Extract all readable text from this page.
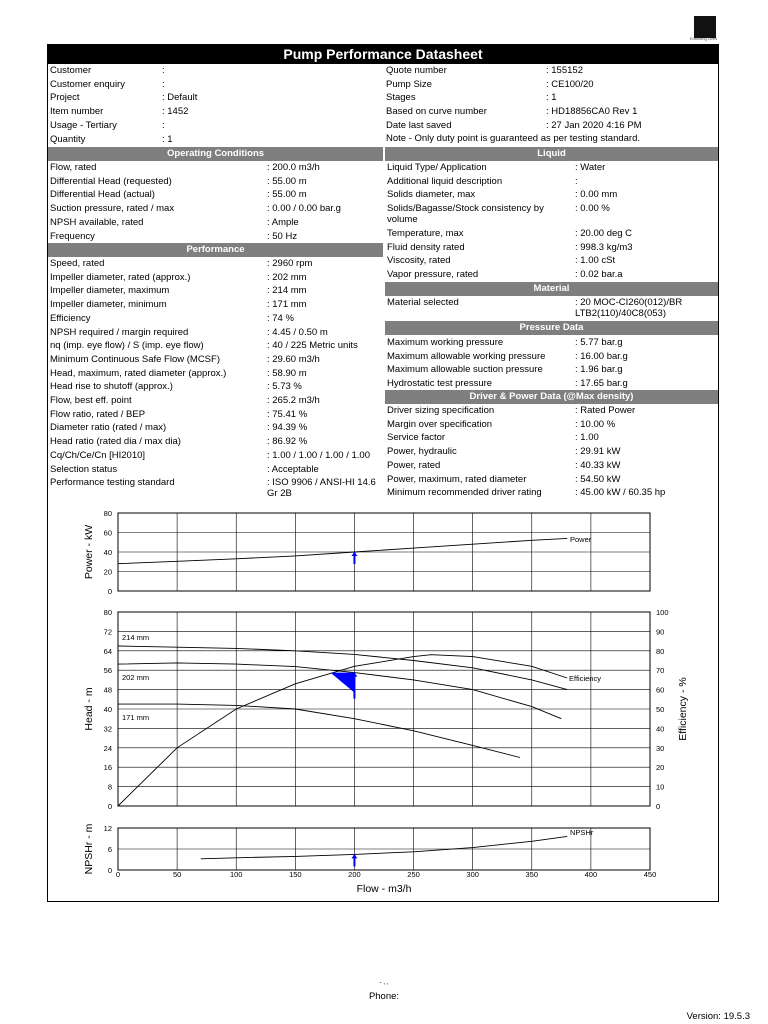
Enriching Lives
Pump Performance Datasheet
Customer	:
Customer enquiry	:
Project	: Default
Item number	: 1452
Usage - Tertiary	:
Quantity	: 1
Quote number	: 155152
Pump Size	: CE100/20
Stages	: 1
Based on curve number	: HD18856CA0 Rev 1
Date last saved	: 27 Jan 2020 4:16 PM
Note - Only duty point is guaranteed as per testing standard.
Operating Conditions
Flow, rated	: 200.0 m3/h
Differential Head (requested)	: 55.00 m
Differential Head (actual)	: 55.00 m
Suction pressure, rated / max	: 0.00 / 0.00 bar.g
NPSH available, rated	: Ample
Frequency	: 50 Hz
Performance
Speed, rated	: 2960 rpm
Impeller diameter, rated (approx.)	: 202 mm
Impeller diameter, maximum	: 214 mm
Impeller diameter, minimum	: 171 mm
Efficiency	: 74 %
NPSH required / margin required	: 4.45 / 0.50 m
nq (imp. eye flow) / S (imp. eye flow)	: 40 / 225 Metric units
Minimum Continuous Safe Flow (MCSF)	: 29.60 m3/h
Head, maximum, rated diameter (approx.)	: 58.90 m
Head rise to shutoff (approx.)	: 5.73 %
Flow, best eff. point	: 265.2 m3/h
Flow ratio, rated / BEP	: 75.41 %
Diameter ratio (rated / max)	: 94.39 %
Head ratio (rated dia / max dia)	: 86.92 %
Cq/Ch/Ce/Cn [HI2010]	: 1.00 / 1.00 / 1.00 / 1.00
Selection status	: Acceptable
Performance testing standard	: ISO 9906 / ANSI-HI 14.6 Gr 2B
Liquid
Liquid Type/ Application	: Water
Additional liquid description	:
Solids diameter, max	: 0.00 mm
Solids/Bagasse/Stock consistency by volume
: 0.00 %
Temperature, max	: 20.00 deg C
Fluid density rated	: 998.3 kg/m3
Viscosity, rated	: 1.00 cSt
Vapor pressure, rated	: 0.02 bar.a
Material
Material selected	: 20 MOC-CI260(012)/BR LTB2(110)/40C8(053)
Pressure Data
Maximum working pressure	: 5.77 bar.g
Maximum allowable working pressure	: 16.00 bar.g
Maximum allowable suction pressure	: 1.96 bar.g
Hydrostatic test pressure	: 17.65 bar.g
Driver & Power Data (@Max density)
Driver sizing specification	: Rated Power
Margin over specification	: 10.00 %
Service factor	: 1.00
Power, hydraulic	: 29.91 kW
Power, rated	: 40.33 kW
Power, maximum, rated diameter	: 54.50 kW
Minimum recommended driver rating	: 45.00 kW / 60.35 hp
80
60
40
20
0
Power - kW
80
72
64
56
48
40
32
24
16
8
0
100
90
80
70
60
50
40
30
20
10
0
Efficiency - %
Head - m
12
6
0
NPSHr - m
Power
214 mm
202 mm
171 mm
Efficiency
NPSHr
0	50	100	150	200	250	300	350	400	450
Flow - m3/h
- , ,
Phone:
Version: 19.5.3
